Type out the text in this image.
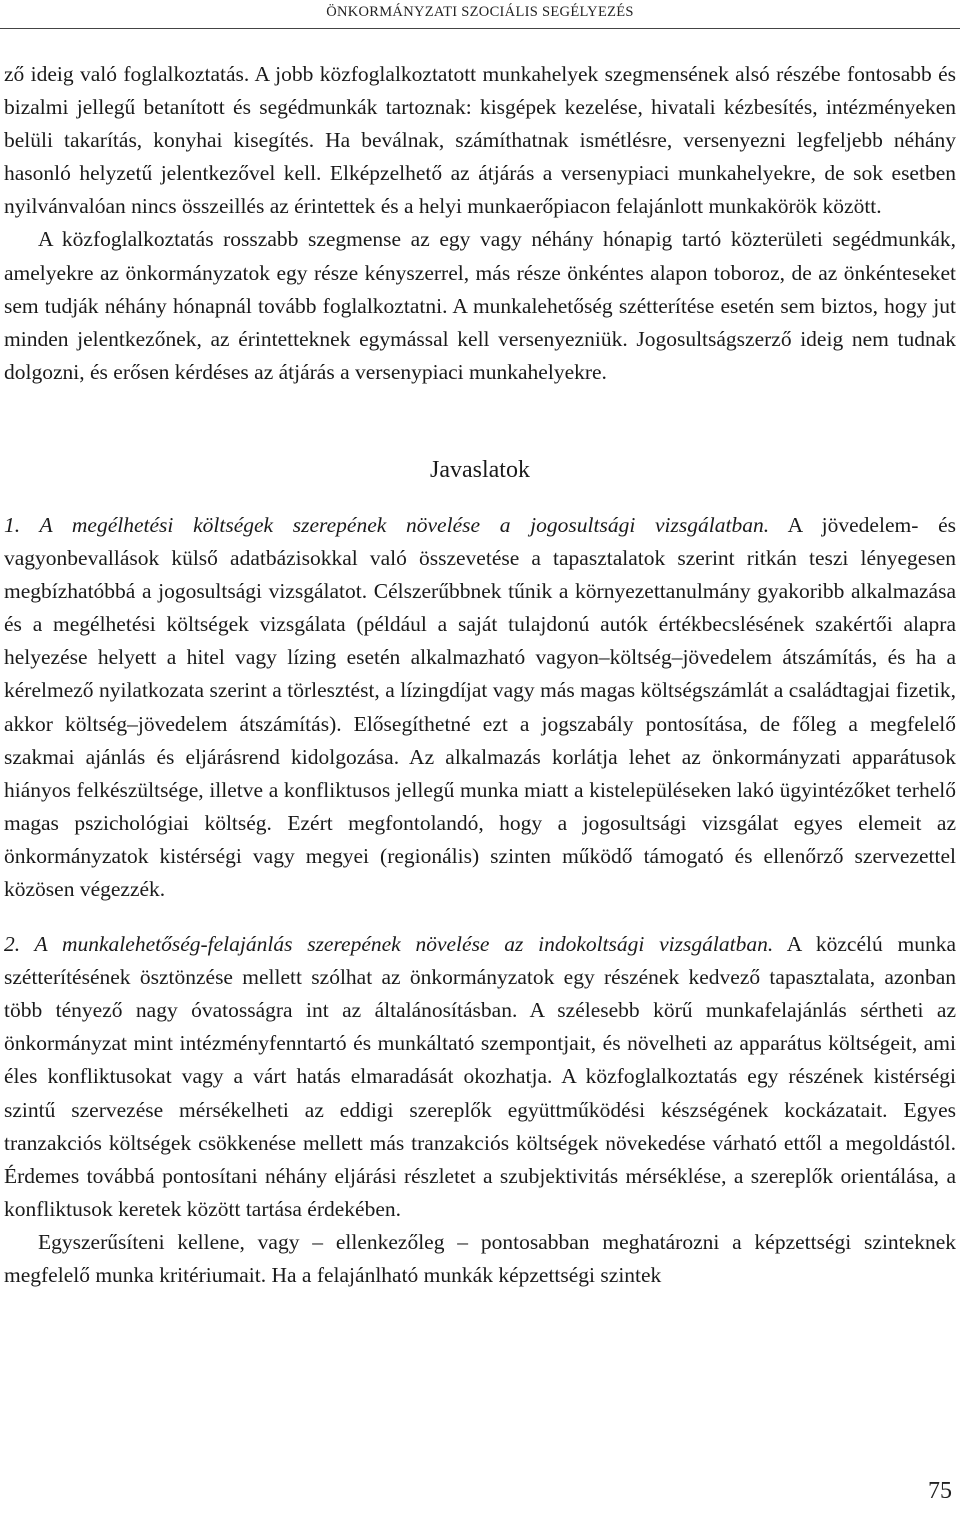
ÖNKORMÁNYZATI SZOCIÁLIS SEGÉLYEZÉS

ző ideig való foglalkoztatás. A jobb közfoglalkoztatott munkahelyek szegmensének alsó részébe fontosabb és bizalmi jellegű betanított és segédmunkák tartoznak: kisgépek kezelése, hivatali kézbesítés, intézményeken belüli takarítás, konyhai kisegítés. Ha beválnak, számíthatnak ismétlésre, versenyezni legfeljebb néhány hasonló helyzetű jelentkezővel kell. Elképzelhető az átjárás a versenypiaci munkahelyekre, de sok esetben nyilvánvalóan nincs összeillés az érintettek és a helyi munkaerőpiacon felajánlott munkakörök között.

A közfoglalkoztatás rosszabb szegmense az egy vagy néhány hónapig tartó közterületi segédmunkák, amelyekre az önkormányzatok egy része kényszerrel, más része önkéntes alapon toboroz, de az önkénteseket sem tudják néhány hónapnál tovább foglalkoztatni. A munkalehetőség szétterítése esetén sem biztos, hogy jut minden jelentkezőnek, az érintetteknek egymással kell versenyezniük. Jogosultságszerző ideig nem tudnak dolgozni, és erősen kérdéses az átjárás a versenypiaci munkahelyekre.

Javaslatok

1. A megélhetési költségek szerepének növelése a jogosultsági vizsgálatban. A jövedelem- és vagyonbevallások külső adatbázisokkal való összevetése a tapasztalatok szerint ritkán teszi lényegesen megbízhatóbbá a jogosultsági vizsgálatot. Célszerűbbnek tűnik a környezettanulmány gyakoribb alkalmazása és a megélhetési költségek vizsgálata (például a saját tulajdonú autók értékbecslésének szakértői alapra helyezése helyett a hitel vagy lízing esetén alkalmazható vagyon–költség–jövedelem átszámítás, és ha a kérelmező nyilatkozata szerint a törlesztést, a lízingdíjat vagy más magas költségszámlát a családtagjai fizetik, akkor költség–jövedelem átszámítás). Elősegíthetné ezt a jogszabály pontosítása, de főleg a megfelelő szakmai ajánlás és eljárásrend kidolgozása. Az alkalmazás korlátja lehet az önkormányzati apparátusok hiányos felkészültsége, illetve a konfliktusos jellegű munka miatt a kistelepüléseken lakó ügyintézőket terhelő magas pszichológiai költség. Ezért megfontolandó, hogy a jogosultsági vizsgálat egyes elemeit az önkormányzatok kistérségi vagy megyei (regionális) szinten működő támogató és ellenőrző szervezettel közösen végezzék.

2. A munkalehetőség-felajánlás szerepének növelése az indokoltsági vizsgálatban. A közcélú munka szétterítésének ösztönzése mellett szólhat az önkormányzatok egy részének kedvező tapasztalata, azonban több tényező nagy óvatosságra int az általánosításban. A szélesebb körű munkafelajánlás sértheti az önkormányzat mint intézményfenntartó és munkáltató szempontjait, és növelheti az apparátus költségeit, ami éles konfliktusokat vagy a várt hatás elmaradását okozhatja. A közfoglalkoztatás egy részének kistérségi szintű szervezése mérsékelheti az eddigi szereplők együttműködési készségének kockázatait. Egyes tranzakciós költségek csökkenése mellett más tranzakciós költségek növekedése várható ettől a megoldástól. Érdemes továbbá pontosítani néhány eljárási részletet a szubjektivitás mérséklése, a szereplők orientálása, a konfliktusok keretek között tartása érdekében.

Egyszerűsíteni kellene, vagy – ellenkezőleg – pontosabban meghatározni a képzettségi szinteknek megfelelő munka kritériumait. Ha a felajánlható munkák képzettségi szintek

75
